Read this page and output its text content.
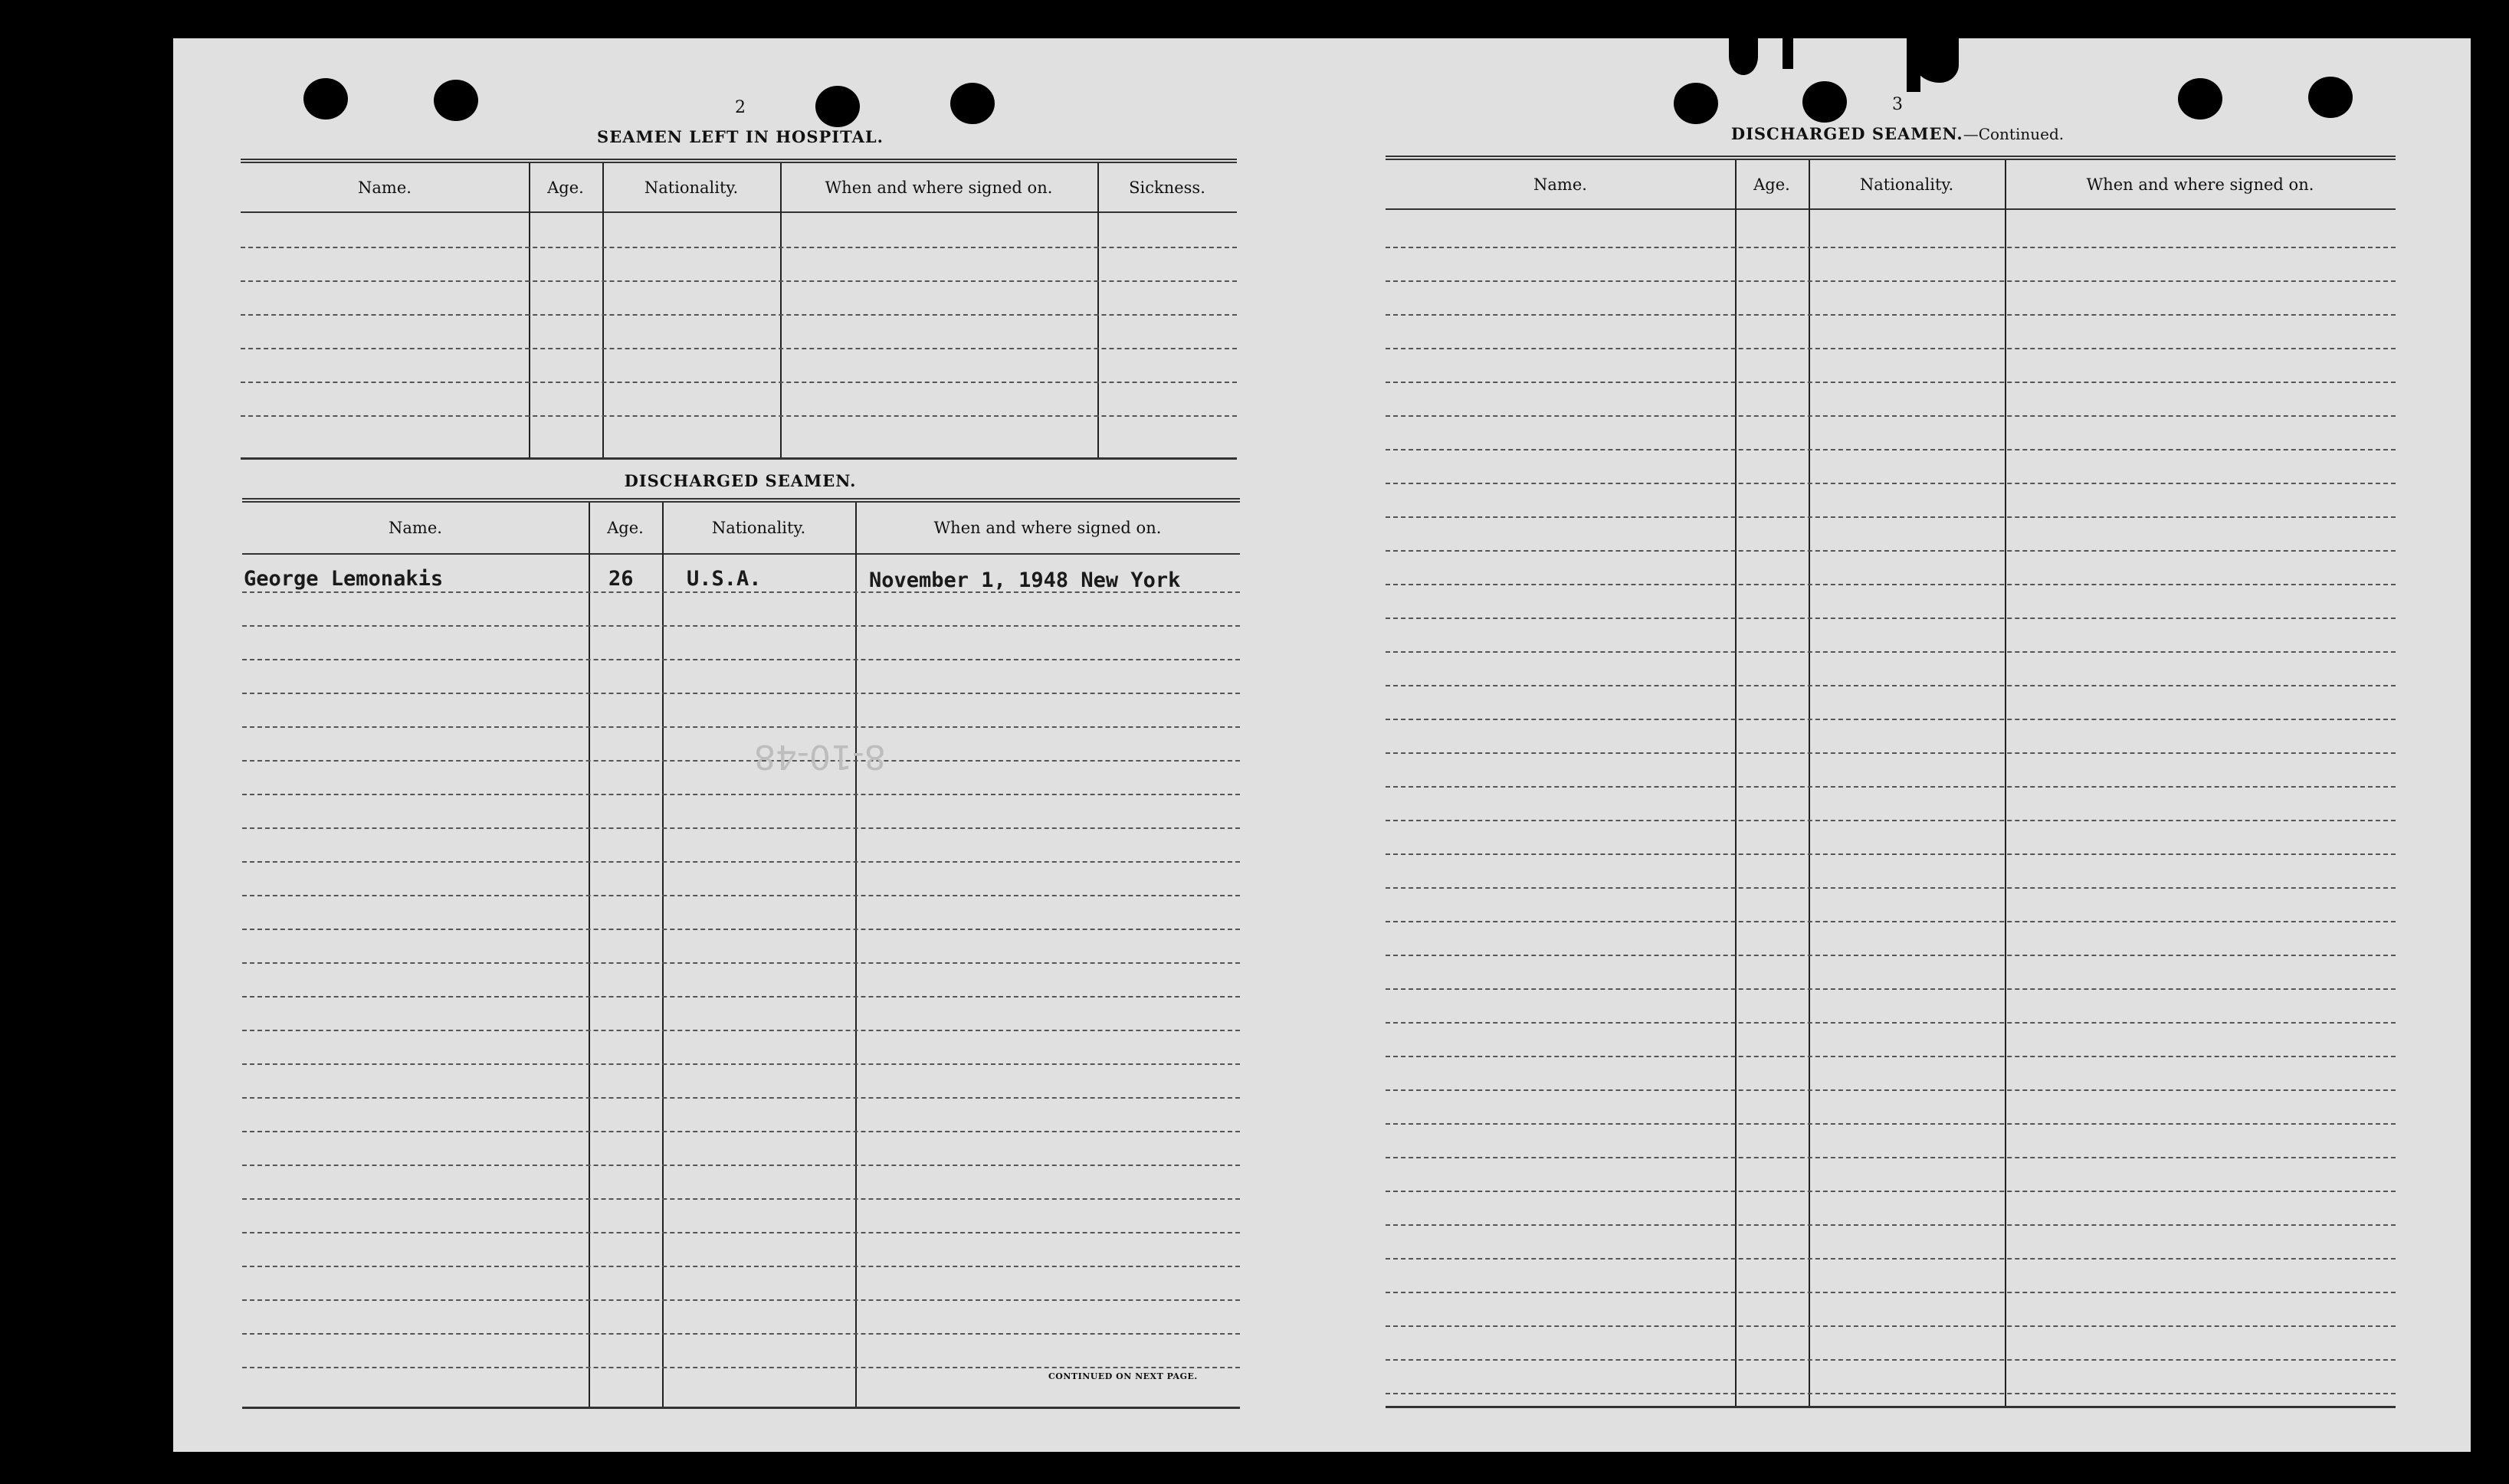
2
SEAMEN LEFT IN HOSPITAL.
Name.	Age.	Nationality.	When and where signed on.	Sickness.
DISCHARGED SEAMEN.
Name.	Age.	Nationality.	When and where signed on.
George Lemonakis	26	U.S.A.	November 1, 1948 New York
8-10-48
CONTINUED ON NEXT PAGE.
3
DISCHARGED SEAMEN.—Continued.
Name.	Age.	Nationality.	When and where signed on.
